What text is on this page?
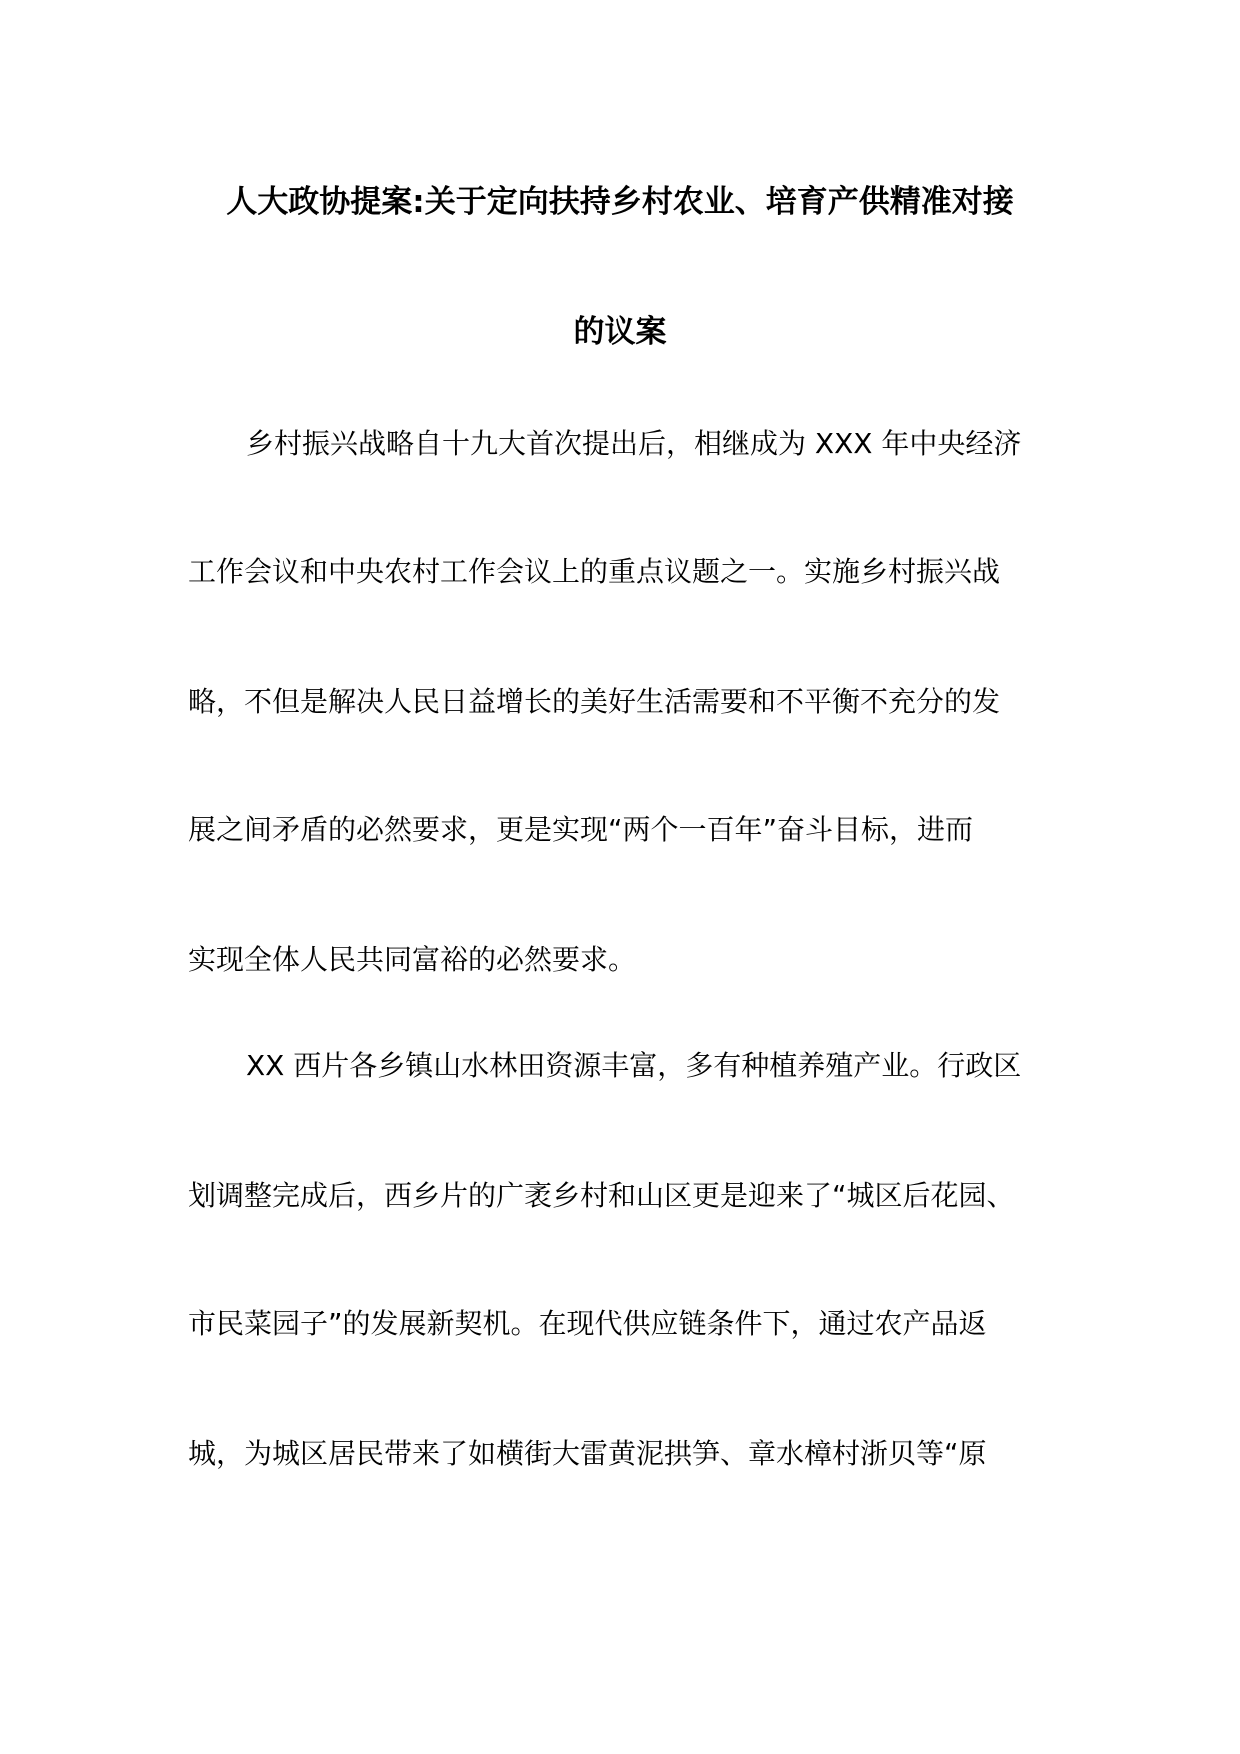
人大政协提案:关于定向扶持乡村农业、培育产供精准对接
的议案
乡村振兴战略自十九大首次提出后，相继成为 XXX 年中央经济
工作会议和中央农村工作会议上的重点议题之一。实施乡村振兴战
略，不但是解决人民日益增长的美好生活需要和不平衡不充分的发
展之间矛盾的必然要求，更是实现“两个一百年”奋斗目标，进而
实现全体人民共同富裕的必然要求。
XX 西片各乡镇山水林田资源丰富，多有种植养殖产业。行政区
划调整完成后，西乡片的广袤乡村和山区更是迎来了“城区后花园、
市民菜园子”的发展新契机。在现代供应链条件下，通过农产品返
城，为城区居民带来了如横街大雷黄泥拱笋、章水樟村浙贝等“原
